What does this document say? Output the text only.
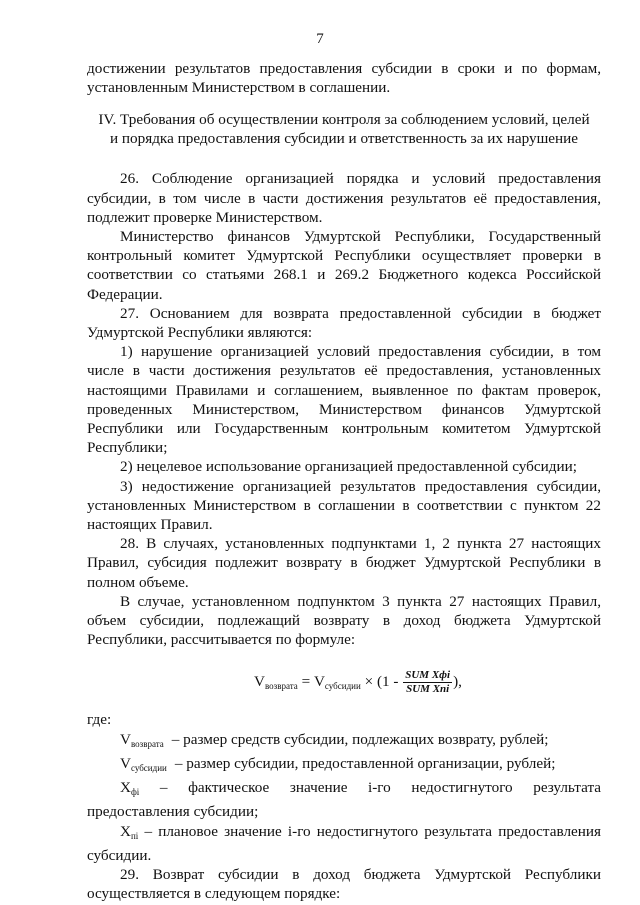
7

достижении результатов предоставления субсидии в сроки и по формам, установленным Министерством в соглашении.

IV. Требования об осуществлении контроля за соблюдением условий, целей
и порядка предоставления субсидии и ответственность за их нарушение

26. Соблюдение организацией порядка и условий предоставления субсидии, в том числе в части достижения результатов её предоставления, подлежит проверке Министерством.

Министерство финансов Удмуртской Республики, Государственный контрольный комитет Удмуртской Республики осуществляет проверки в соответствии со статьями 268.1 и 269.2 Бюджетного кодекса Российской Федерации.

27. Основанием для возврата предоставленной субсидии в бюджет Удмуртской Республики являются:

1) нарушение организацией условий предоставления субсидии, в том числе в части достижения результатов её предоставления, установленных настоящими Правилами и соглашением, выявленное по фактам проверок, проведенных Министерством, Министерством финансов Удмуртской Республики или Государственным контрольным комитетом Удмуртской Республики;

2) нецелевое использование организацией предоставленной субсидии;

3) недостижение организацией результатов предоставления субсидии, установленных Министерством в соглашении в соответствии с пунктом 22 настоящих Правил.

28. В случаях, установленных подпунктами 1, 2 пункта 27 настоящих Правил, субсидия подлежит возврату в бюджет Удмуртской Республики в полном объеме.

В случае, установленном подпунктом 3 пункта 27 настоящих Правил, объем субсидии, подлежащий возврату в доход бюджета Удмуртской Республики, рассчитывается по формуле:

$V_{возврата} = V_{субсидии} \times (1 - \frac{\text{SUM Xфi}}{\text{SUM Xпi}}$ ),

где:

$V_{возврата}$ – размер средств субсидии, подлежащих возврату, рублей;

$V_{субсидии}$ – размер субсидии, предоставленной организации, рублей;

$X_{фi}$ – фактическое значение i-го недостигнутого результата предоставления субсидии;

$X_{пi}$ – плановое значение i-го недостигнутого результата предоставления субсидии.

29. Возврат субсидии в доход бюджета Удмуртской Республики осуществляется в следующем порядке:
